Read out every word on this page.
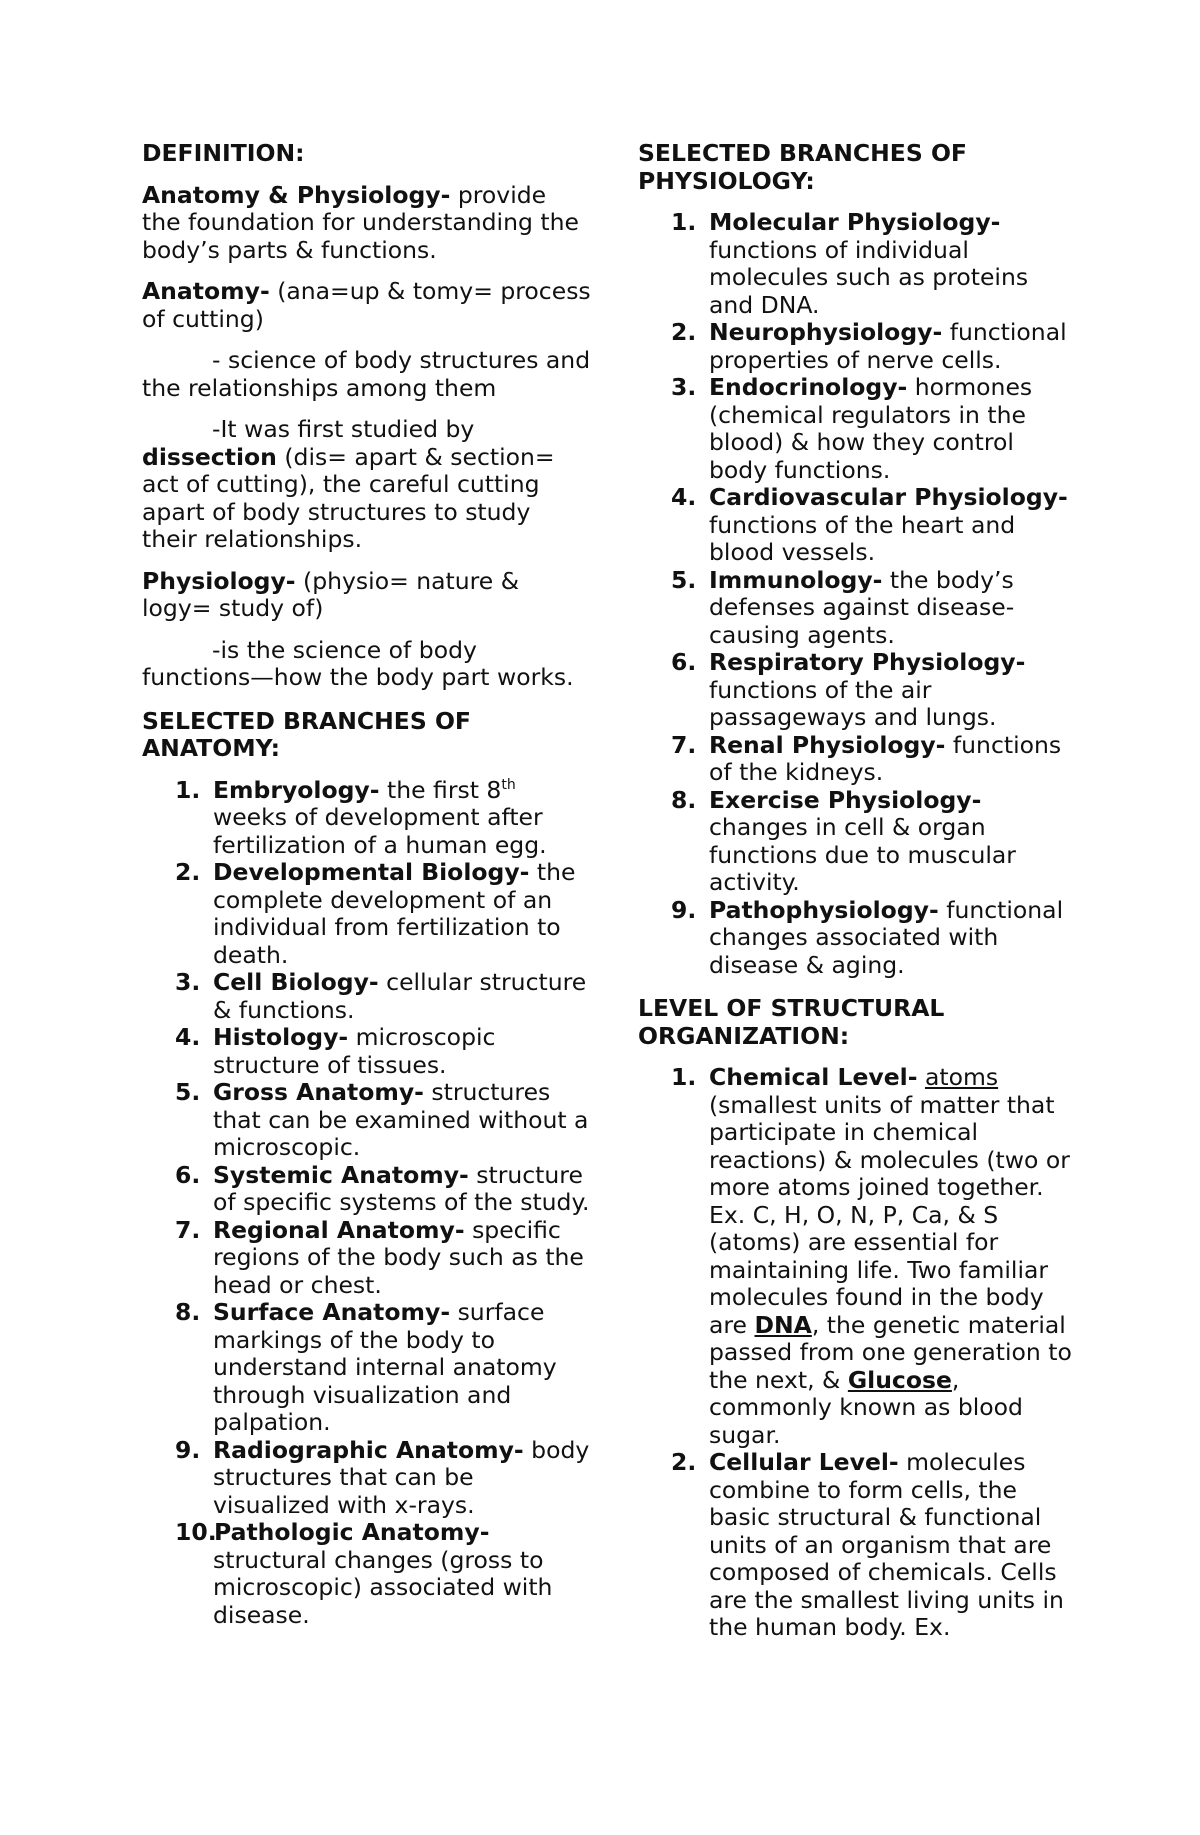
DEFINITION:

Anatomy & Physiology- provide the foundation for understanding the body’s parts & functions.

Anatomy- (ana=up & tomy= process of cutting)

- science of body structures and the relationships among them

-It was first studied by dissection (dis= apart & section= act of cutting), the careful cutting apart of body structures to study their relationships.

Physiology- (physio= nature & logy= study of)

-is the science of body functions—how the body part works.

SELECTED BRANCHES OF ANATOMY:

1. Embryology- the first 8th weeks of development after fertilization of a human egg.
2. Developmental Biology- the complete development of an individual from fertilization to death.
3. Cell Biology- cellular structure & functions.
4. Histology- microscopic structure of tissues.
5. Gross Anatomy- structures that can be examined without a microscopic.
6. Systemic Anatomy- structure of specific systems of the study.
7. Regional Anatomy- specific regions of the body such as the head or chest.
8. Surface Anatomy- surface markings of the body to understand internal anatomy through visualization and palpation.
9. Radiographic Anatomy- body structures that can be visualized with x-rays.
10.
Pathologic Anatomy- structural changes (gross to microscopic) associated with disease.

SELECTED BRANCHES OF PHYSIOLOGY:

1. Molecular Physiology- functions of individual molecules such as proteins and DNA.
2. Neurophysiology- functional properties of nerve cells.
3. Endocrinology- hormones (chemical regulators in the blood) & how they control body functions.
4. Cardiovascular Physiology- functions of the heart and blood vessels.
5. Immunology- the body’s defenses against disease-causing agents.
6. Respiratory Physiology- functions of the air passageways and lungs.
7. Renal Physiology- functions of the kidneys.
8. Exercise Physiology- changes in cell & organ functions due to muscular activity.
9. Pathophysiology- functional changes associated with disease & aging.

LEVEL OF STRUCTURAL ORGANIZATION:

1. Chemical Level- atoms (smallest units of matter that participate in chemical reactions) & molecules (two or more atoms joined together. Ex. C, H, O, N, P, Ca, & S (atoms) are essential for maintaining life. Two familiar molecules found in the body are DNA, the genetic material passed from one generation to the next, & Glucose, commonly known as blood sugar.
2. Cellular Level- molecules combine to form cells, the basic structural & functional units of an organism that are composed of chemicals. Cells are the smallest living units in the human body. Ex.
